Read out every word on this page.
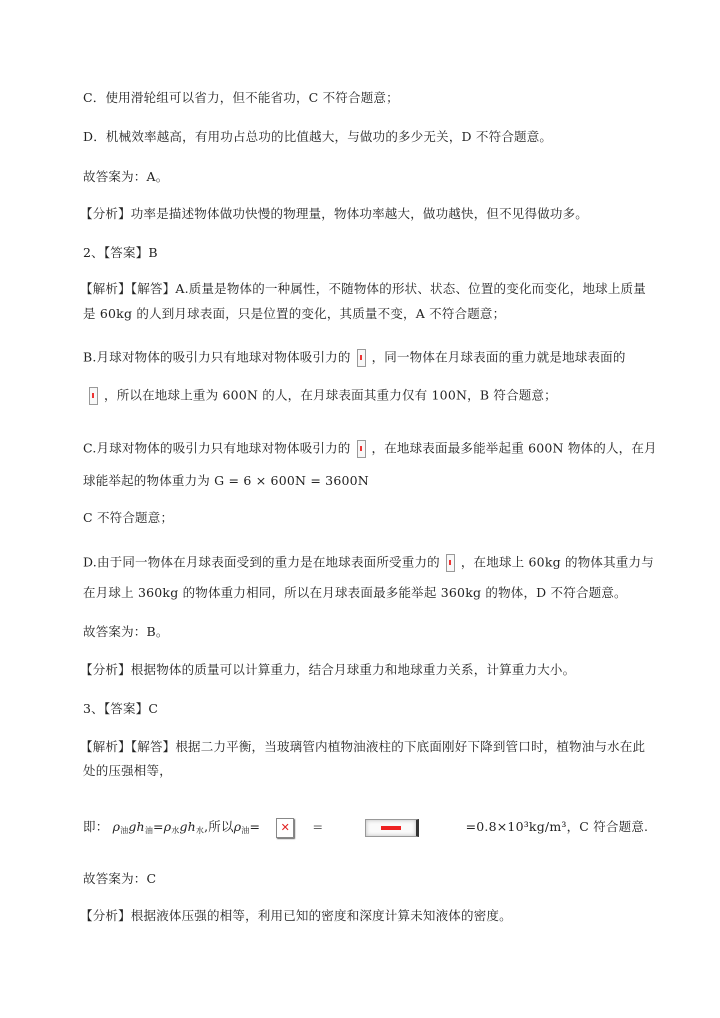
C．使用滑轮组可以省力，但不能省功，C 不符合题意；
D．机械效率越高，有用功占总功的比值越大，与做功的多少无关，D 不符合题意。
故答案为：A。
【分析】功率是描述物体做功快慢的物理量，物体功率越大，做功越快，但不见得做功多。
2、【答案】B
【解析】【解答】A.质量是物体的一种属性，不随物体的形状、状态、位置的变化而变化，地球上质量
是 60kg 的人到月球表面，只是位置的变化，其质量不变，A 不符合题意；
B.月球对物体的吸引力只有地球对物体吸引力的 ，同一物体在月球表面的重力就是地球表面的
，所以在地球上重为 600N 的人，在月球表面其重力仅有 100N，B 符合题意；
C.月球对物体的吸引力只有地球对物体吸引力的 ，在地球表面最多能举起重 600N 物体的人，在月
球能举起的物体重力为 G = 6 × 600N = 3600N
C 不符合题意；
D.由于同一物体在月球表面受到的重力是在地球表面所受重力的 ，在地球上 60kg 的物体其重力与
在月球上 360kg 的物体重力相同，所以在月球表面最多能举起 360kg 的物体，D 不符合题意。
故答案为：B。
【分析】根据物体的质量可以计算重力，结合月球重力和地球重力关系，计算重力大小。
3、【答案】C
【解析】【解答】根据二力平衡，当玻璃管内植物油液柱的下底面刚好下降到管口时，植物油与水在此
处的压强相等，
即： $\rho_油gh_油=\rho_水gh_水$,所以$\rho_油=$ ✕ =	=0.8×10³kg/m³，C 符合题意.
故答案为：C
【分析】根据液体压强的相等，利用已知的密度和深度计算未知液体的密度。
